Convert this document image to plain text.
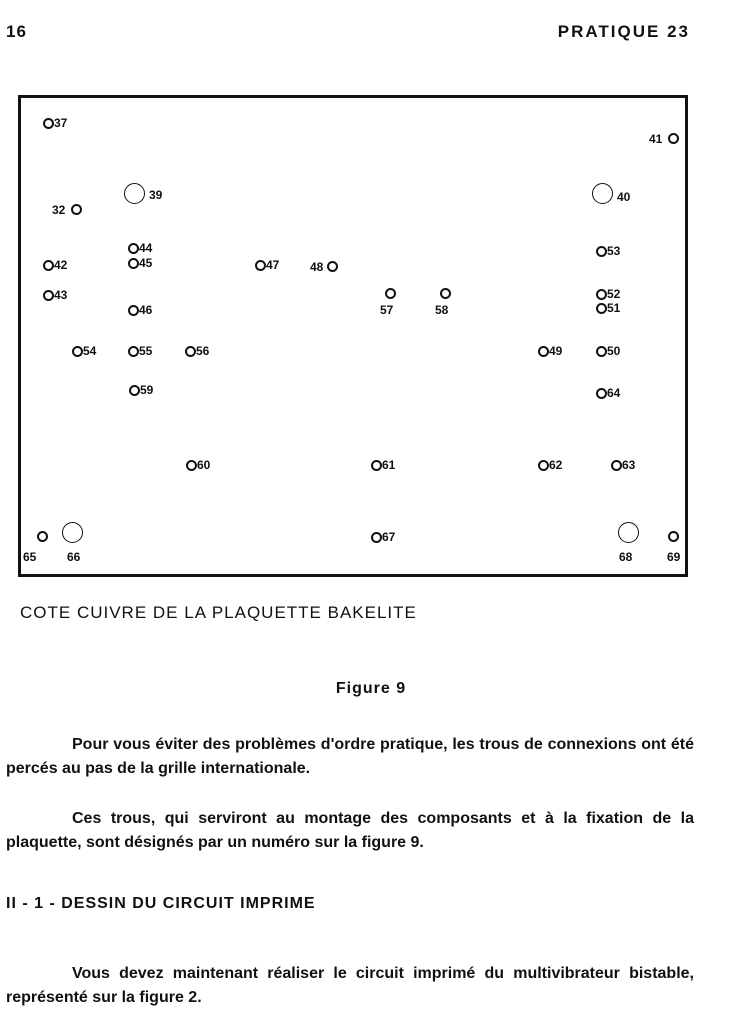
16	PRATIQUE 23
37
41
32
39	40
44
45
42	47	48
53
43
46	57	58
52
51
54	55	56	49	50
59	64
60	61	62	63
65	66
67
68	69
COTE CUIVRE DE LA PLAQUETTE BAKELITE
Figure 9

Pour vous éviter des problèmes d'ordre pratique, les trous de connexions ont été percés au pas de la grille internationale.

Ces trous, qui serviront au montage des composants et à la fixation de la plaquette, sont désignés par un numéro sur la figure 9.

II - 1 - DESSIN DU CIRCUIT IMPRIME

Vous devez maintenant réaliser le circuit imprimé du multivibrateur bistable, représenté sur la figure 2.
